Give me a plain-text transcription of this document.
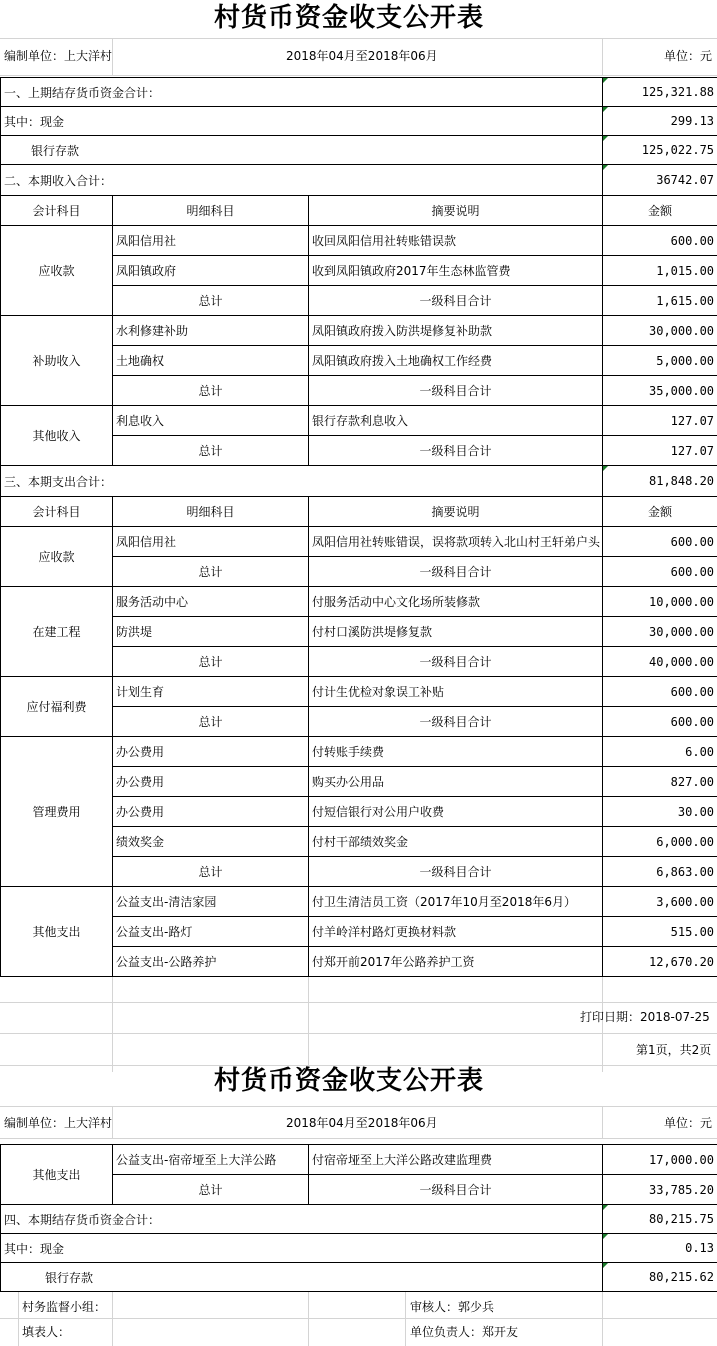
村货币资金收支公开表
编制单位：上大洋村	2018年04月至2018年06月	单位：元
一、上期结存货币资金合计：			125,321.88
其中：现金			299.13
银行存款			125,022.75
二、本期收入合计：			36742.07
会计科目	明细科目	摘要说明	金额
应收款	凤阳信用社	收回凤阳信用社转账错误款	600.00
	凤阳镇政府	收到凤阳镇政府2017年生态林监管费	1,015.00
	总计	一级科目合计	1,615.00
补助收入	水利修建补助	凤阳镇政府拨入防洪堤修复补助款	30,000.00
	土地确权	凤阳镇政府拨入土地确权工作经费	5,000.00
	总计	一级科目合计	35,000.00
其他收入	利息收入	银行存款利息收入	127.07
	总计	一级科目合计	127.07
三、本期支出合计：			81,848.20
会计科目	明细科目	摘要说明	金额
应收款	凤阳信用社	凤阳信用社转账错误，误将款项转入北山村王轩弟户头	600.00
	总计	一级科目合计	600.00
在建工程	服务活动中心	付服务活动中心文化场所装修款	10,000.00
	防洪堤	付村口溪防洪堤修复款	30,000.00
	总计	一级科目合计	40,000.00
应付福利费	计划生育	付计生优检对象误工补贴	600.00
	总计	一级科目合计	600.00
管理费用	办公费用	付转账手续费	6.00
	办公费用	购买办公用品	827.00
	办公费用	付短信银行对公用户收费	30.00
	绩效奖金	付村干部绩效奖金	6,000.00
	总计	一级科目合计	6,863.00
其他支出	公益支出-清洁家园	付卫生清洁员工资（2017年10月至2018年6月）	3,600.00
	公益支出-路灯	付羊岭洋村路灯更换材料款	515.00
	公益支出-公路养护	付郑开前2017年公路养护工资	12,670.20
打印日期：2018-07-25
第1页，共2页
村货币资金收支公开表
编制单位：上大洋村	2018年04月至2018年06月	单位：元
其他支出	公益支出-宿帝垭至上大洋公路	付宿帝垭至上大洋公路改建监理费	17,000.00
	总计	一级科目合计	33,785.20
四、本期结存货币资金合计：			80,215.75
其中：现金			0.13
银行存款			80,215.62
村务监督小组：	审核人：郭少兵
填表人：	单位负责人：郑开友
